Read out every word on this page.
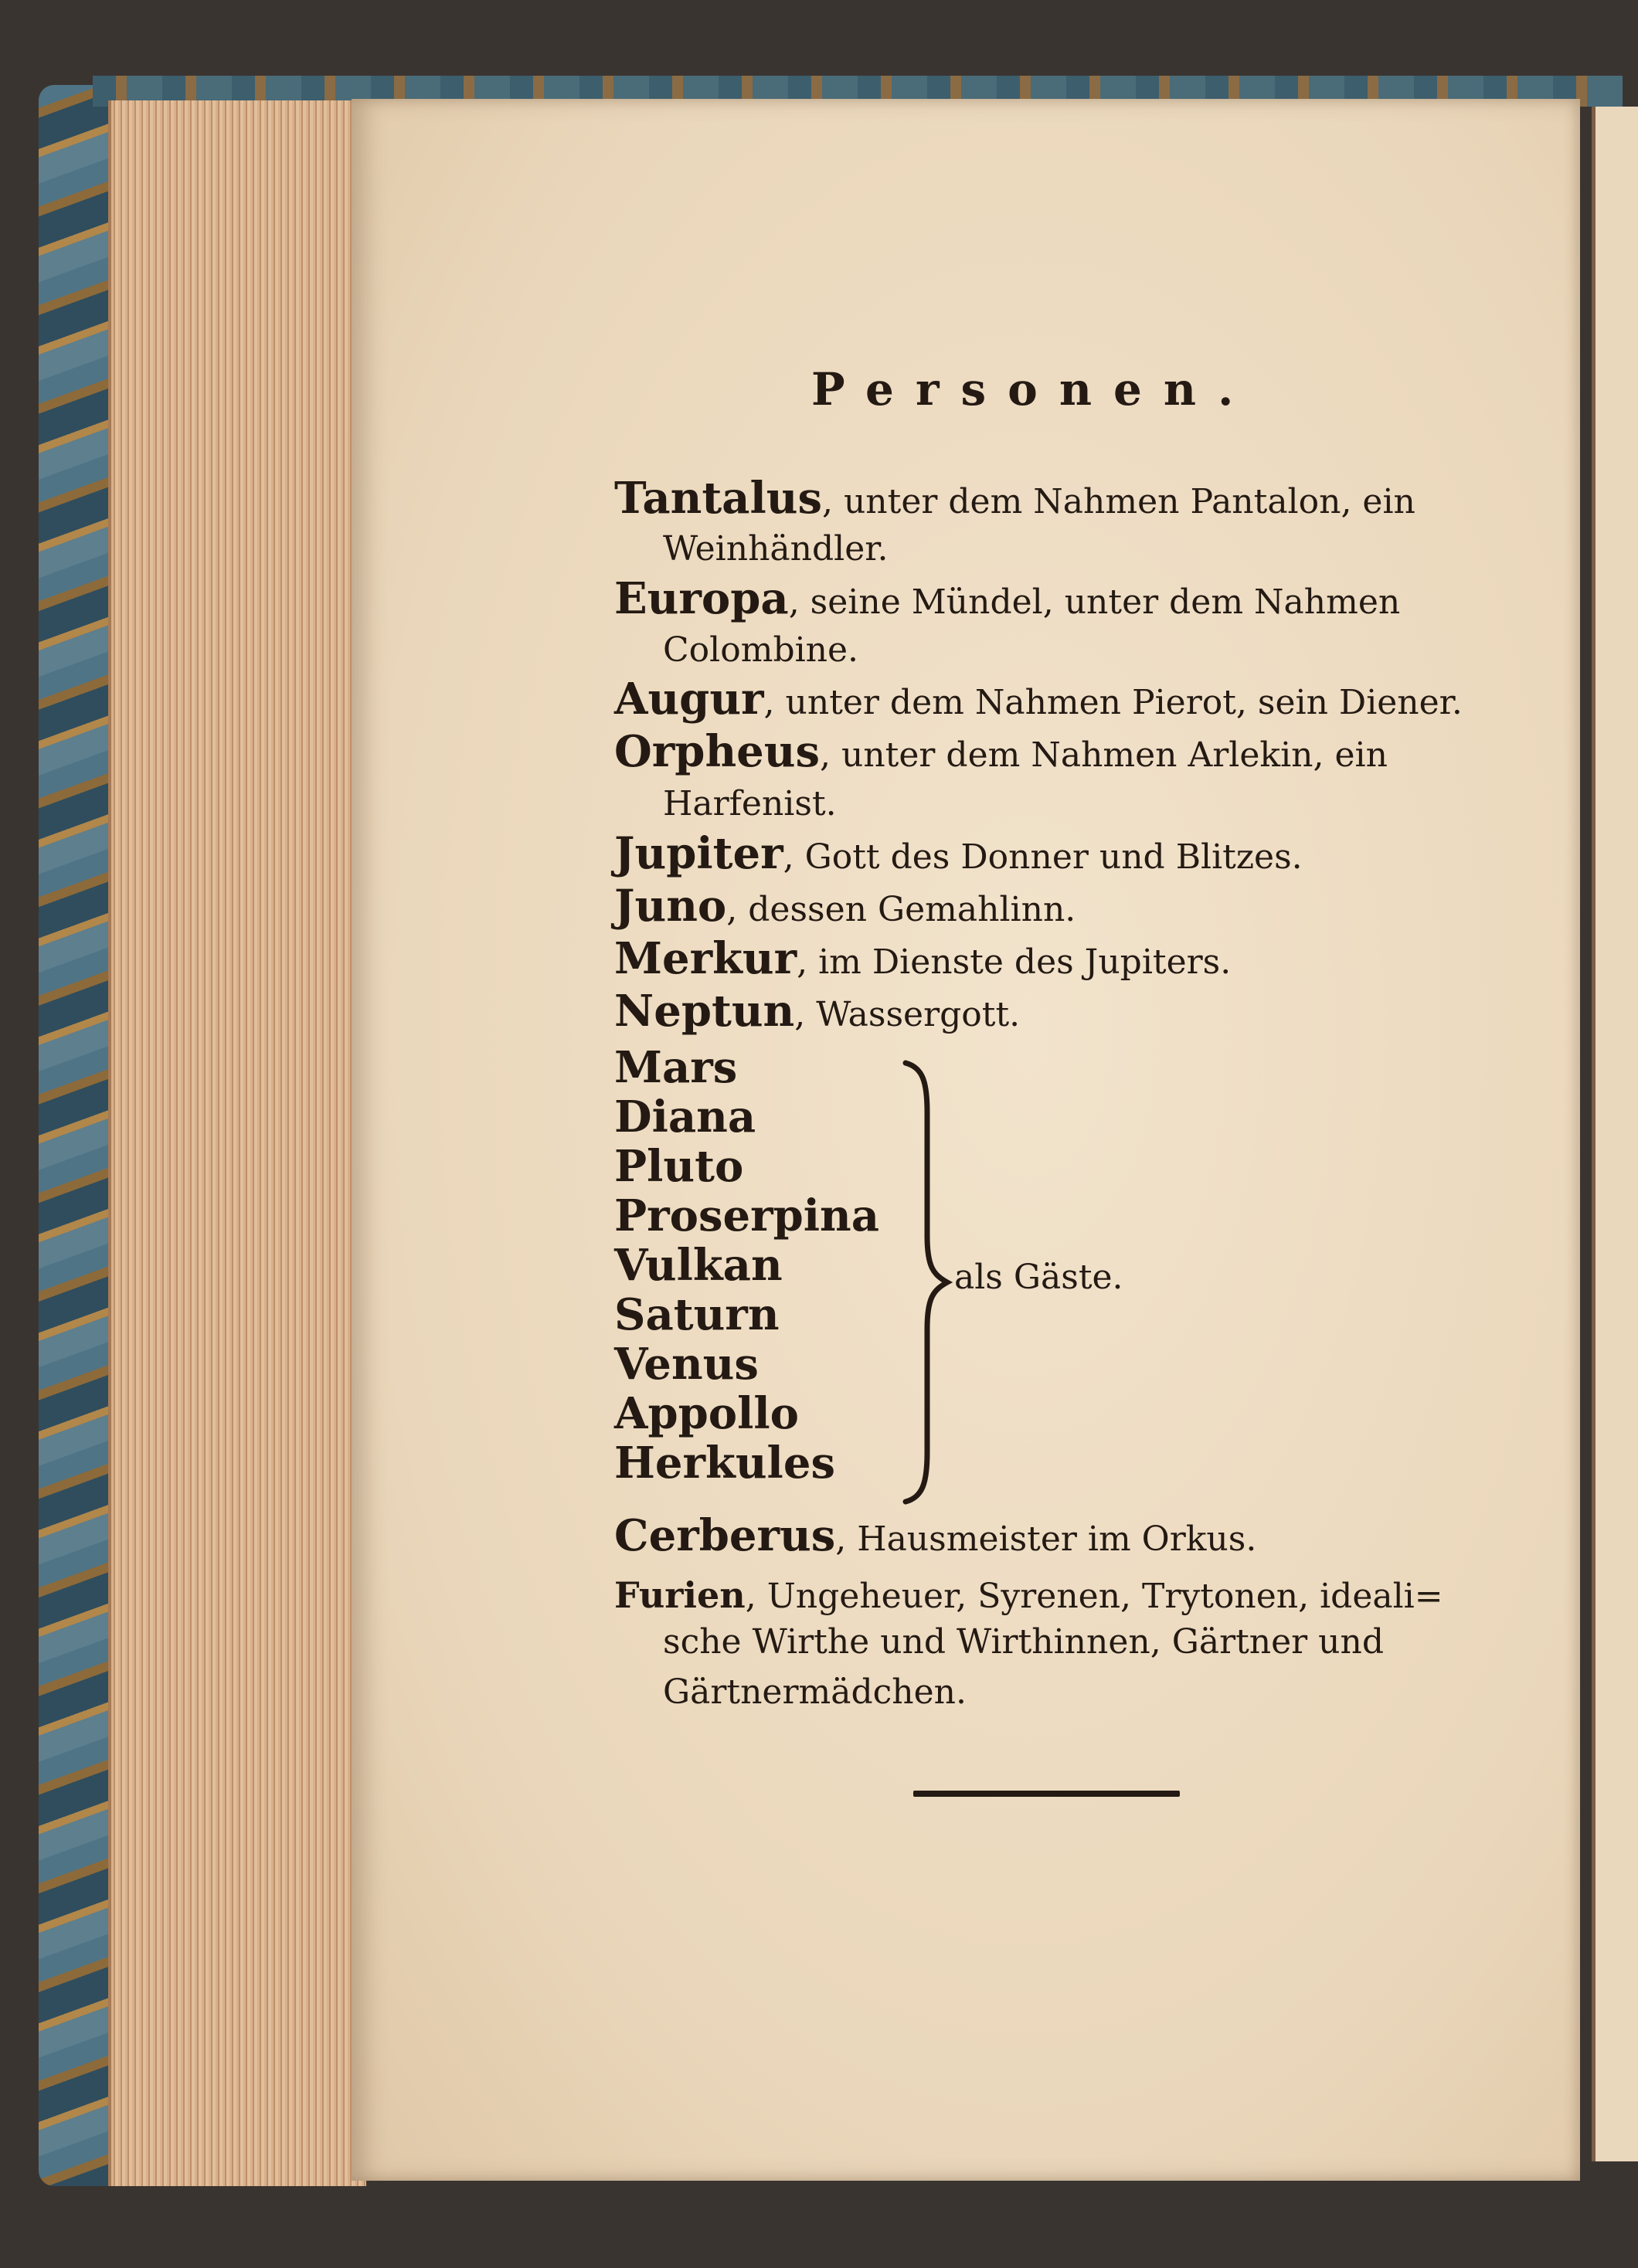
Personen.

Tantalus, unter dem Nahmen Pantalon, ein

Weinhändler.

Europa, seine Mündel, unter dem Nahmen

Colombine.

Augur, unter dem Nahmen Pierot, sein Diener.

Orpheus, unter dem Nahmen Arlekin, ein

Harfenist.

Jupiter, Gott des Donner und Blitzes.

Juno, dessen Gemahlinn.

Merkur, im Dienste des Jupiters.

Neptun, Wassergott.

Mars
Diana
Pluto
Proserpina
Vulkan
Saturn
Venus
Appollo
Herkules

als Gäste.

Cerberus, Hausmeister im Orkus.

Furien, Ungeheuer, Syrenen, Trytonen, ideali=

sche Wirthe und Wirthinnen, Gärtner und

Gärtnermädchen.
